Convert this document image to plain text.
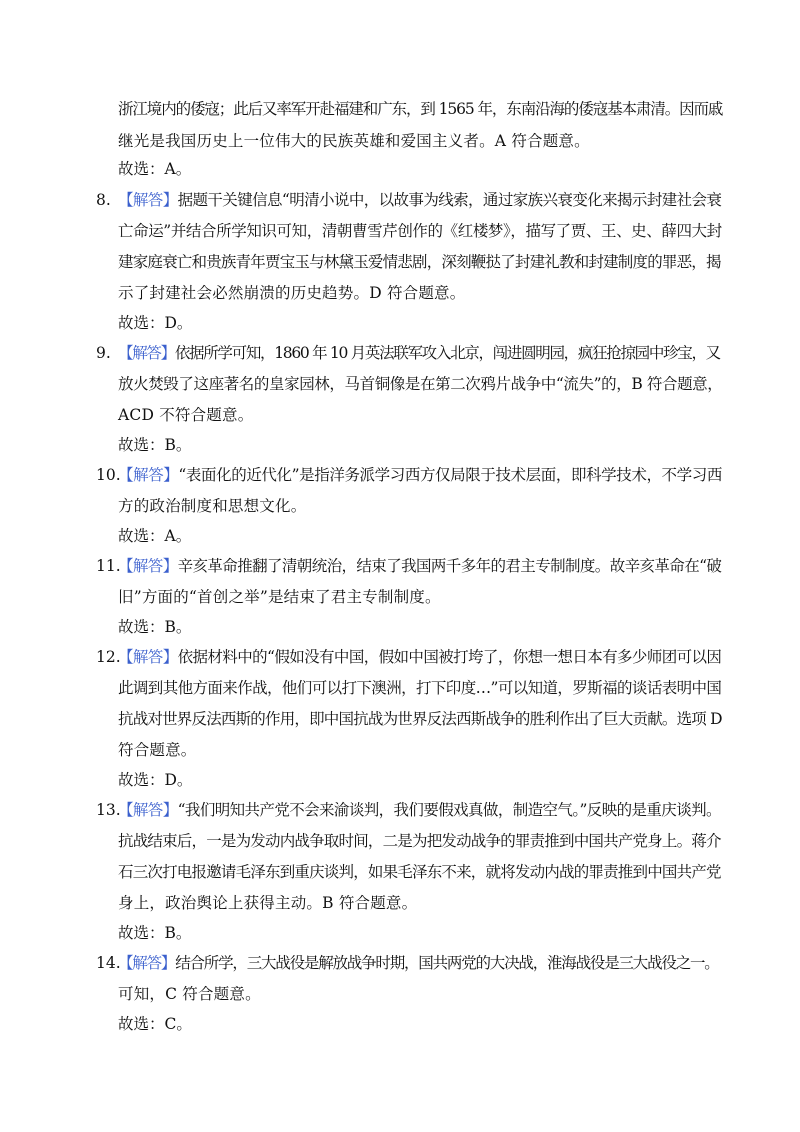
浙江境内的倭寇；此后又率军开赴福建和广东，到 1565 年，东南沿海的倭寇基本肃清。因而戚
继光是我国历史上一位伟大的民族英雄和爱国主义者。A 符合题意。
故选：A。
8. 【解答】据题干关键信息“明清小说中，以故事为线索，通过家族兴衰变化来揭示封建社会衰
亡命运”并结合所学知识可知，清朝曹雪芹创作的《红楼梦》，描写了贾、王、史、薛四大封
建家庭衰亡和贵族青年贾宝玉与林黛玉爱情悲剧，深刻鞭挞了封建礼教和封建制度的罪恶，揭
示了封建社会必然崩溃的历史趋势。D 符合题意。
故选：D。
9. 【解答】依据所学可知，1860 年 10 月英法联军攻入北京，闯进圆明园，疯狂抢掠园中珍宝，又
放火焚毁了这座著名的皇家园林，马首铜像是在第二次鸦片战争中“流失”的，B 符合题意，
ACD 不符合题意。
故选：B。
10.
【解答】“表面化的近代化”是指洋务派学习西方仅局限于技术层面，即科学技术，不学习西
方的政治制度和思想文化。
故选：A。
11.
【解答】辛亥革命推翻了清朝统治，结束了我国两千多年的君主专制制度。故辛亥革命在“破
旧”方面的“首创之举”是结束了君主专制制度。
故选：B。
12.
【解答】依据材料中的“假如没有中国，假如中国被打垮了，你想一想日本有多少师团可以因
此调到其他方面来作战，他们可以打下澳洲，打下印度…”可以知道，罗斯福的谈话表明中国
抗战对世界反法西斯的作用，即中国抗战为世界反法西斯战争的胜利作出了巨大贡献。选项 D
符合题意。
故选：D。
13.
【解答】“我们明知共产党不会来渝谈判，我们要假戏真做，制造空气。”反映的是重庆谈判。
抗战结束后，一是为发动内战争取时间，二是为把发动战争的罪责推到中国共产党身上。蒋介
石三次打电报邀请毛泽东到重庆谈判，如果毛泽东不来，就将发动内战的罪责推到中国共产党
身上，政治舆论上获得主动。B 符合题意。
故选：B。
14.
【解答】结合所学，三大战役是解放战争时期，国共两党的大决战，淮海战役是三大战役之一。
可知，C 符合题意。
故选：C。
